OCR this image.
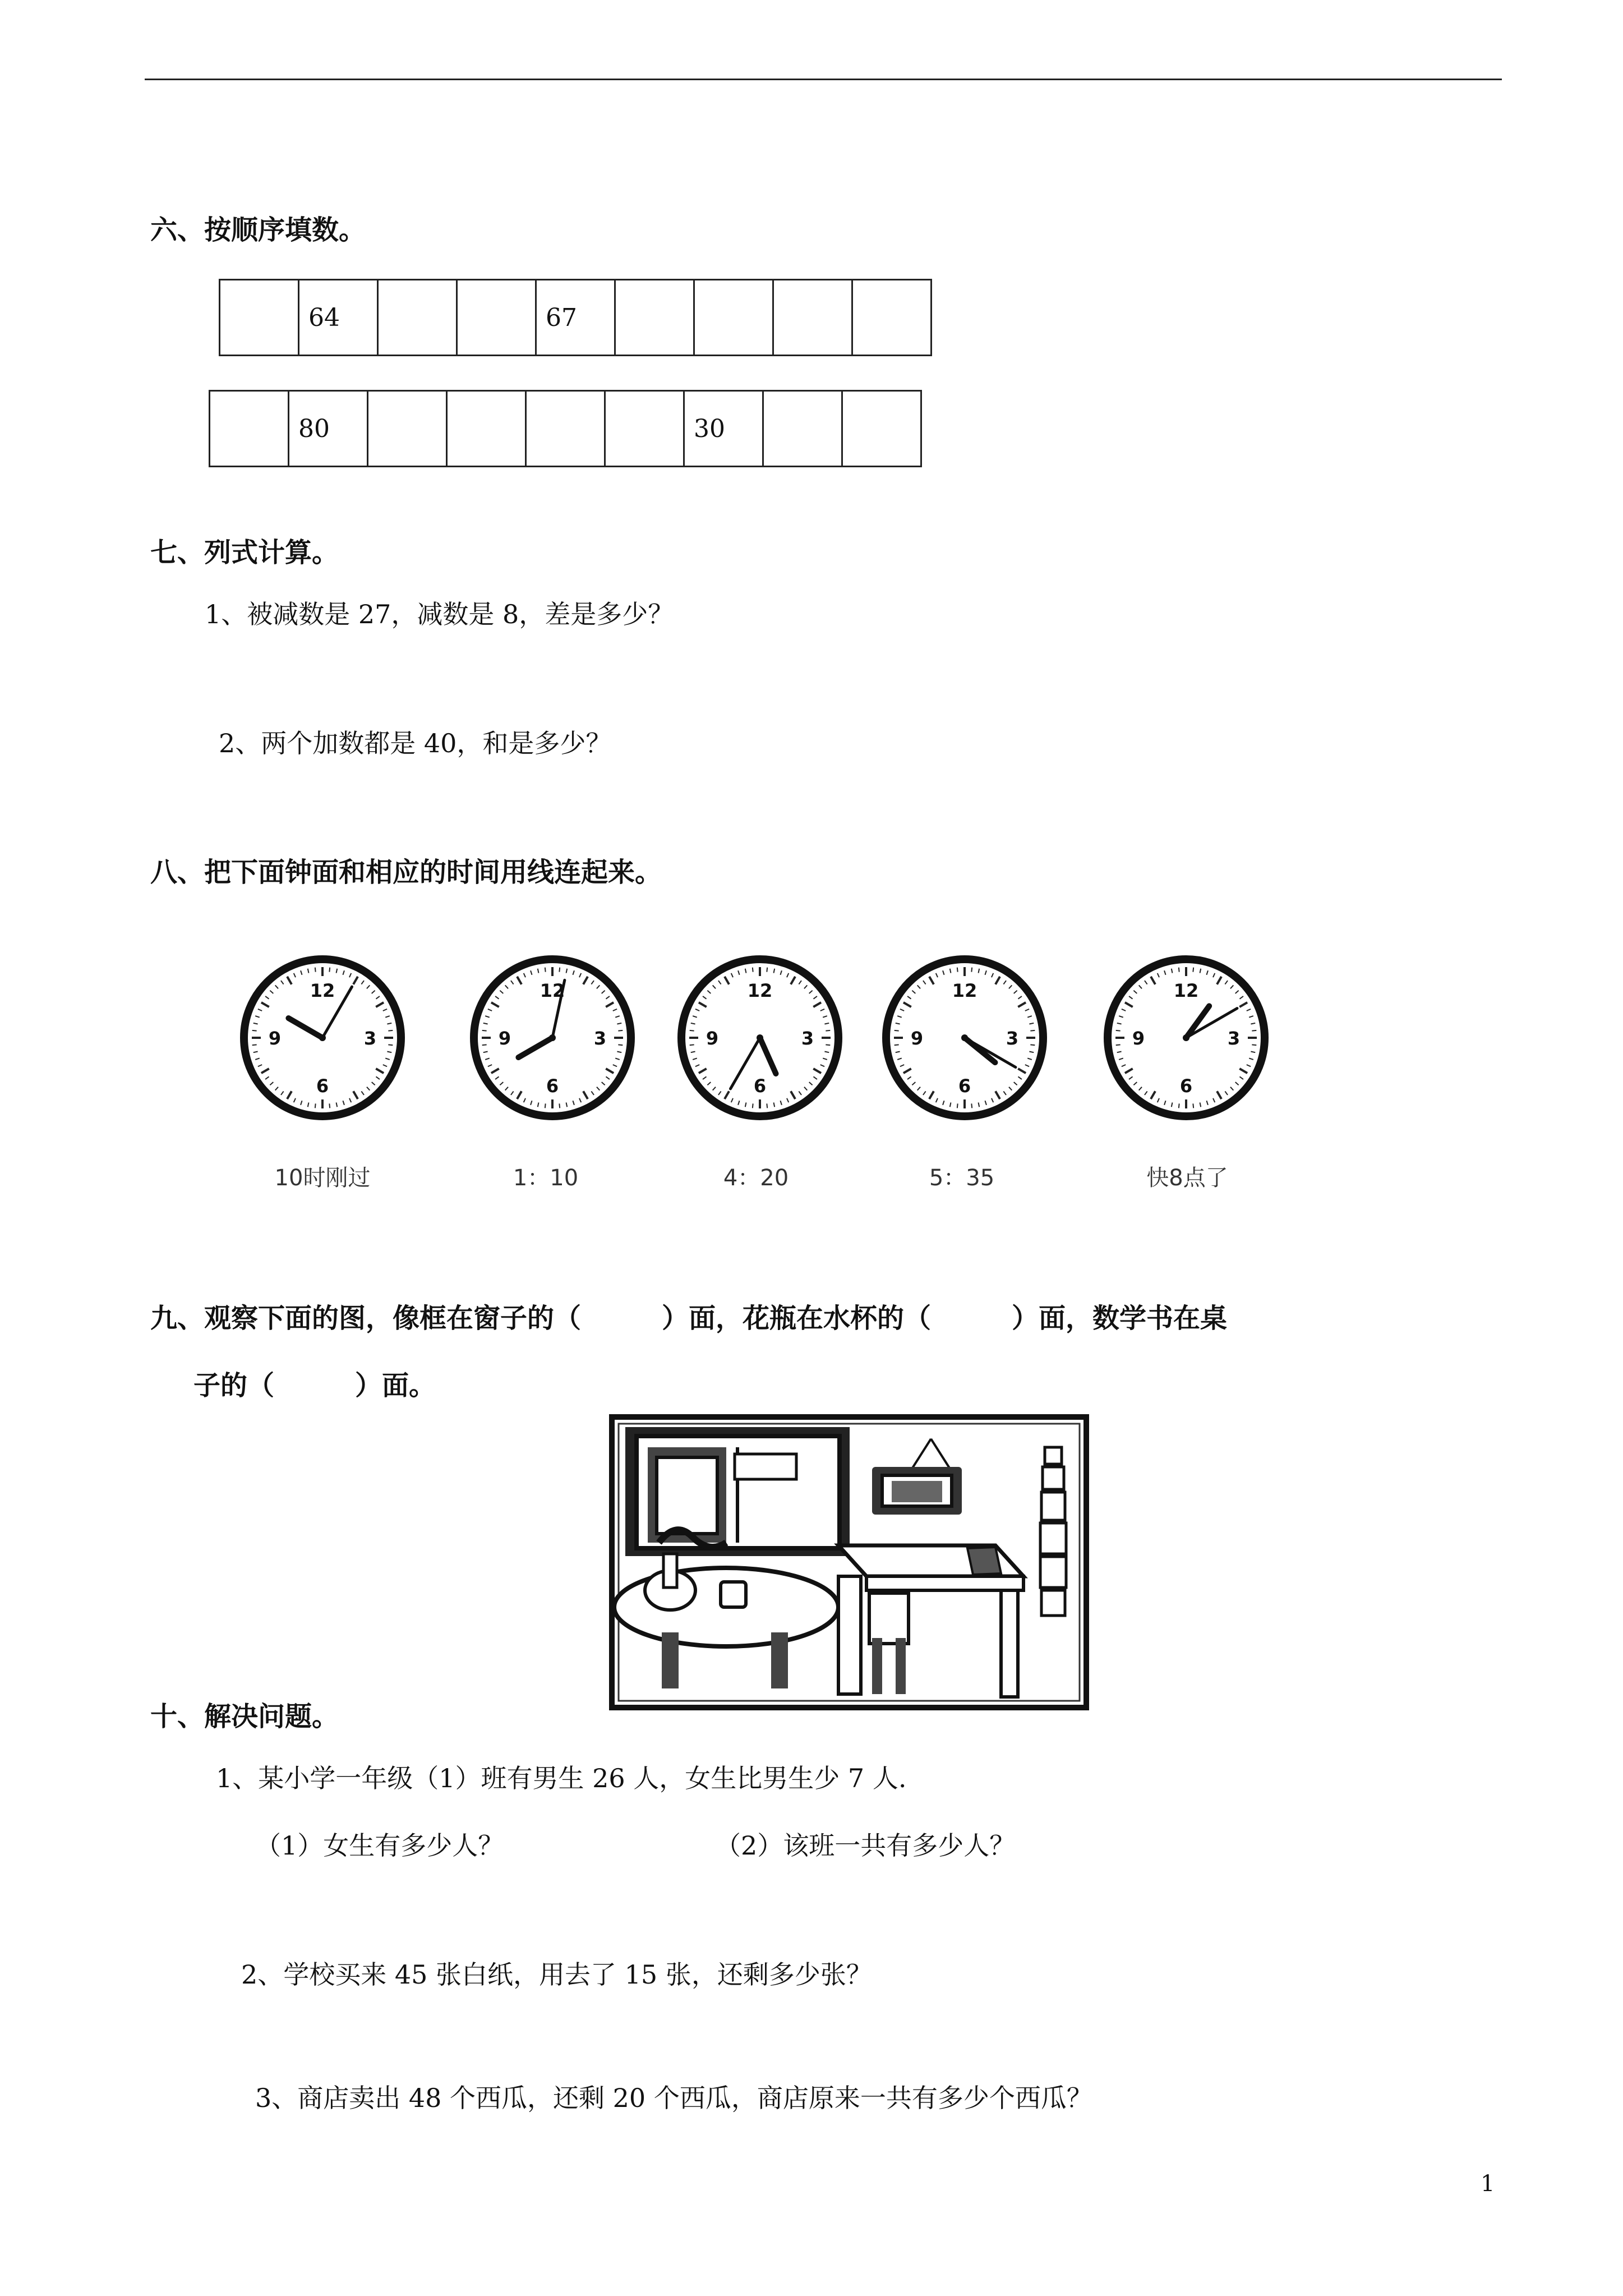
六、按顺序填数。
	64			67				
	80					30		
七、列式计算。
1、被减数是 27，减数是 8，差是多少？
2、两个加数都是 40，和是多少？
八、把下面钟面和相应的时间用线连起来。
12
3
6
9
12
3
6
9
12
3
6
9
12
3
6
9
12
3
6
9
10时刚过	1：10	4：20	5：35	快8点了
九、观察下面的图，像框在窗子的（　　　）面，花瓶在水杯的（　　　）面，数学书在桌
子的（　　　）面。
十、解决问题。
1、某小学一年级（1）班有男生 26 人，女生比男生少 7 人.
（1）女生有多少人？	（2）该班一共有多少人？
2、学校买来 45 张白纸，用去了 15 张，还剩多少张？
3、商店卖出 48 个西瓜，还剩 20 个西瓜，商店原来一共有多少个西瓜？
1
